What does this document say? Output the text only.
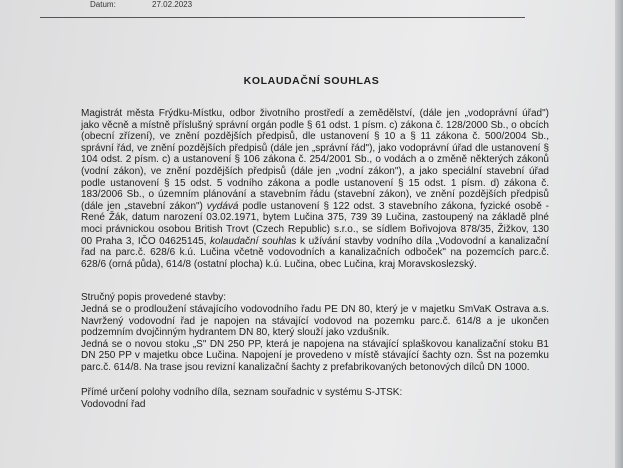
Datum:	27.02.2023
KOLAUDAČNÍ SOUHLAS

Magistrát města Frýdku-Místku, odbor životního prostředí a zemědělství, (dále jen „vodoprávní úřad") jako věcně a místně příslušný správní orgán podle § 61 odst. 1 písm. c) zákona č. 128/2000 Sb., o obcích (obecní zřízení), ve znění pozdějších předpisů, dle ustanovení § 10 a § 11 zákona č. 500/2004 Sb., správní řád, ve znění pozdějších předpisů (dále jen „správní řád"), jako vodoprávní úřad dle ustanovení § 104 odst. 2 písm. c) a ustanovení § 106 zákona č. 254/2001 Sb., o vodách a o změně některých zákonů (vodní zákon), ve znění pozdějších předpisů (dále jen „vodní zákon"), a jako speciální stavební úřad podle ustanovení § 15 odst. 5 vodního zákona a podle ustanovení § 15 odst. 1 písm. d) zákona č. 183/2006 Sb., o územním plánování a stavebním řádu (stavební zákon), ve znění pozdějších předpisů (dále jen „stavební zákon") vydává podle ustanovení § 122 odst. 3 stavebního zákona, fyzické osobě - René Žák, datum narození 03.02.1971, bytem Lučina 375, 739 39 Lučina, zastoupený na základě plné moci právnickou osobou British Trovt (Czech Republic) s.r.o., se sídlem Bořivojova 878/35, Žižkov, 130 00 Praha 3, IČO 04625145, kolaudační souhlas k užívání stavby vodního díla „Vodovodní a kanalizační řad na parc.č. 628/6 k.ú. Lučina včetně vodovodních a kanalizačních odboček" na pozemcích parc.č. 628/6 (orná půda), 614/8 (ostatní plocha) k.ú. Lučina, obec Lučina, kraj Moravskoslezský.

Stručný popis provedené stavby:

Jedná se o prodloužení stávajícího vodovodního řadu PE DN 80, který je v majetku SmVaK Ostrava a.s. Navržený vodovodní řad je napojen na stávající vodovod na pozemku parc.č. 614/8 a je ukončen podzemním dvojčinným hydrantem DN 80, který slouží jako vzdušník.

Jedná se o novou stoku „S" DN 250 PP, která je napojena na stávající splaškovou kanalizační stoku B1 DN 250 PP v majetku obce Lučina. Napojení je provedeno v místě stávající šachty ozn. Šst na pozemku parc.č. 614/8. Na trase jsou revizní kanalizační šachty z prefabrikovaných betonových dílců DN 1000.

Přímé určení polohy vodního díla, seznam souřadnic v systému S-JTSK:

Vodovodní řad
